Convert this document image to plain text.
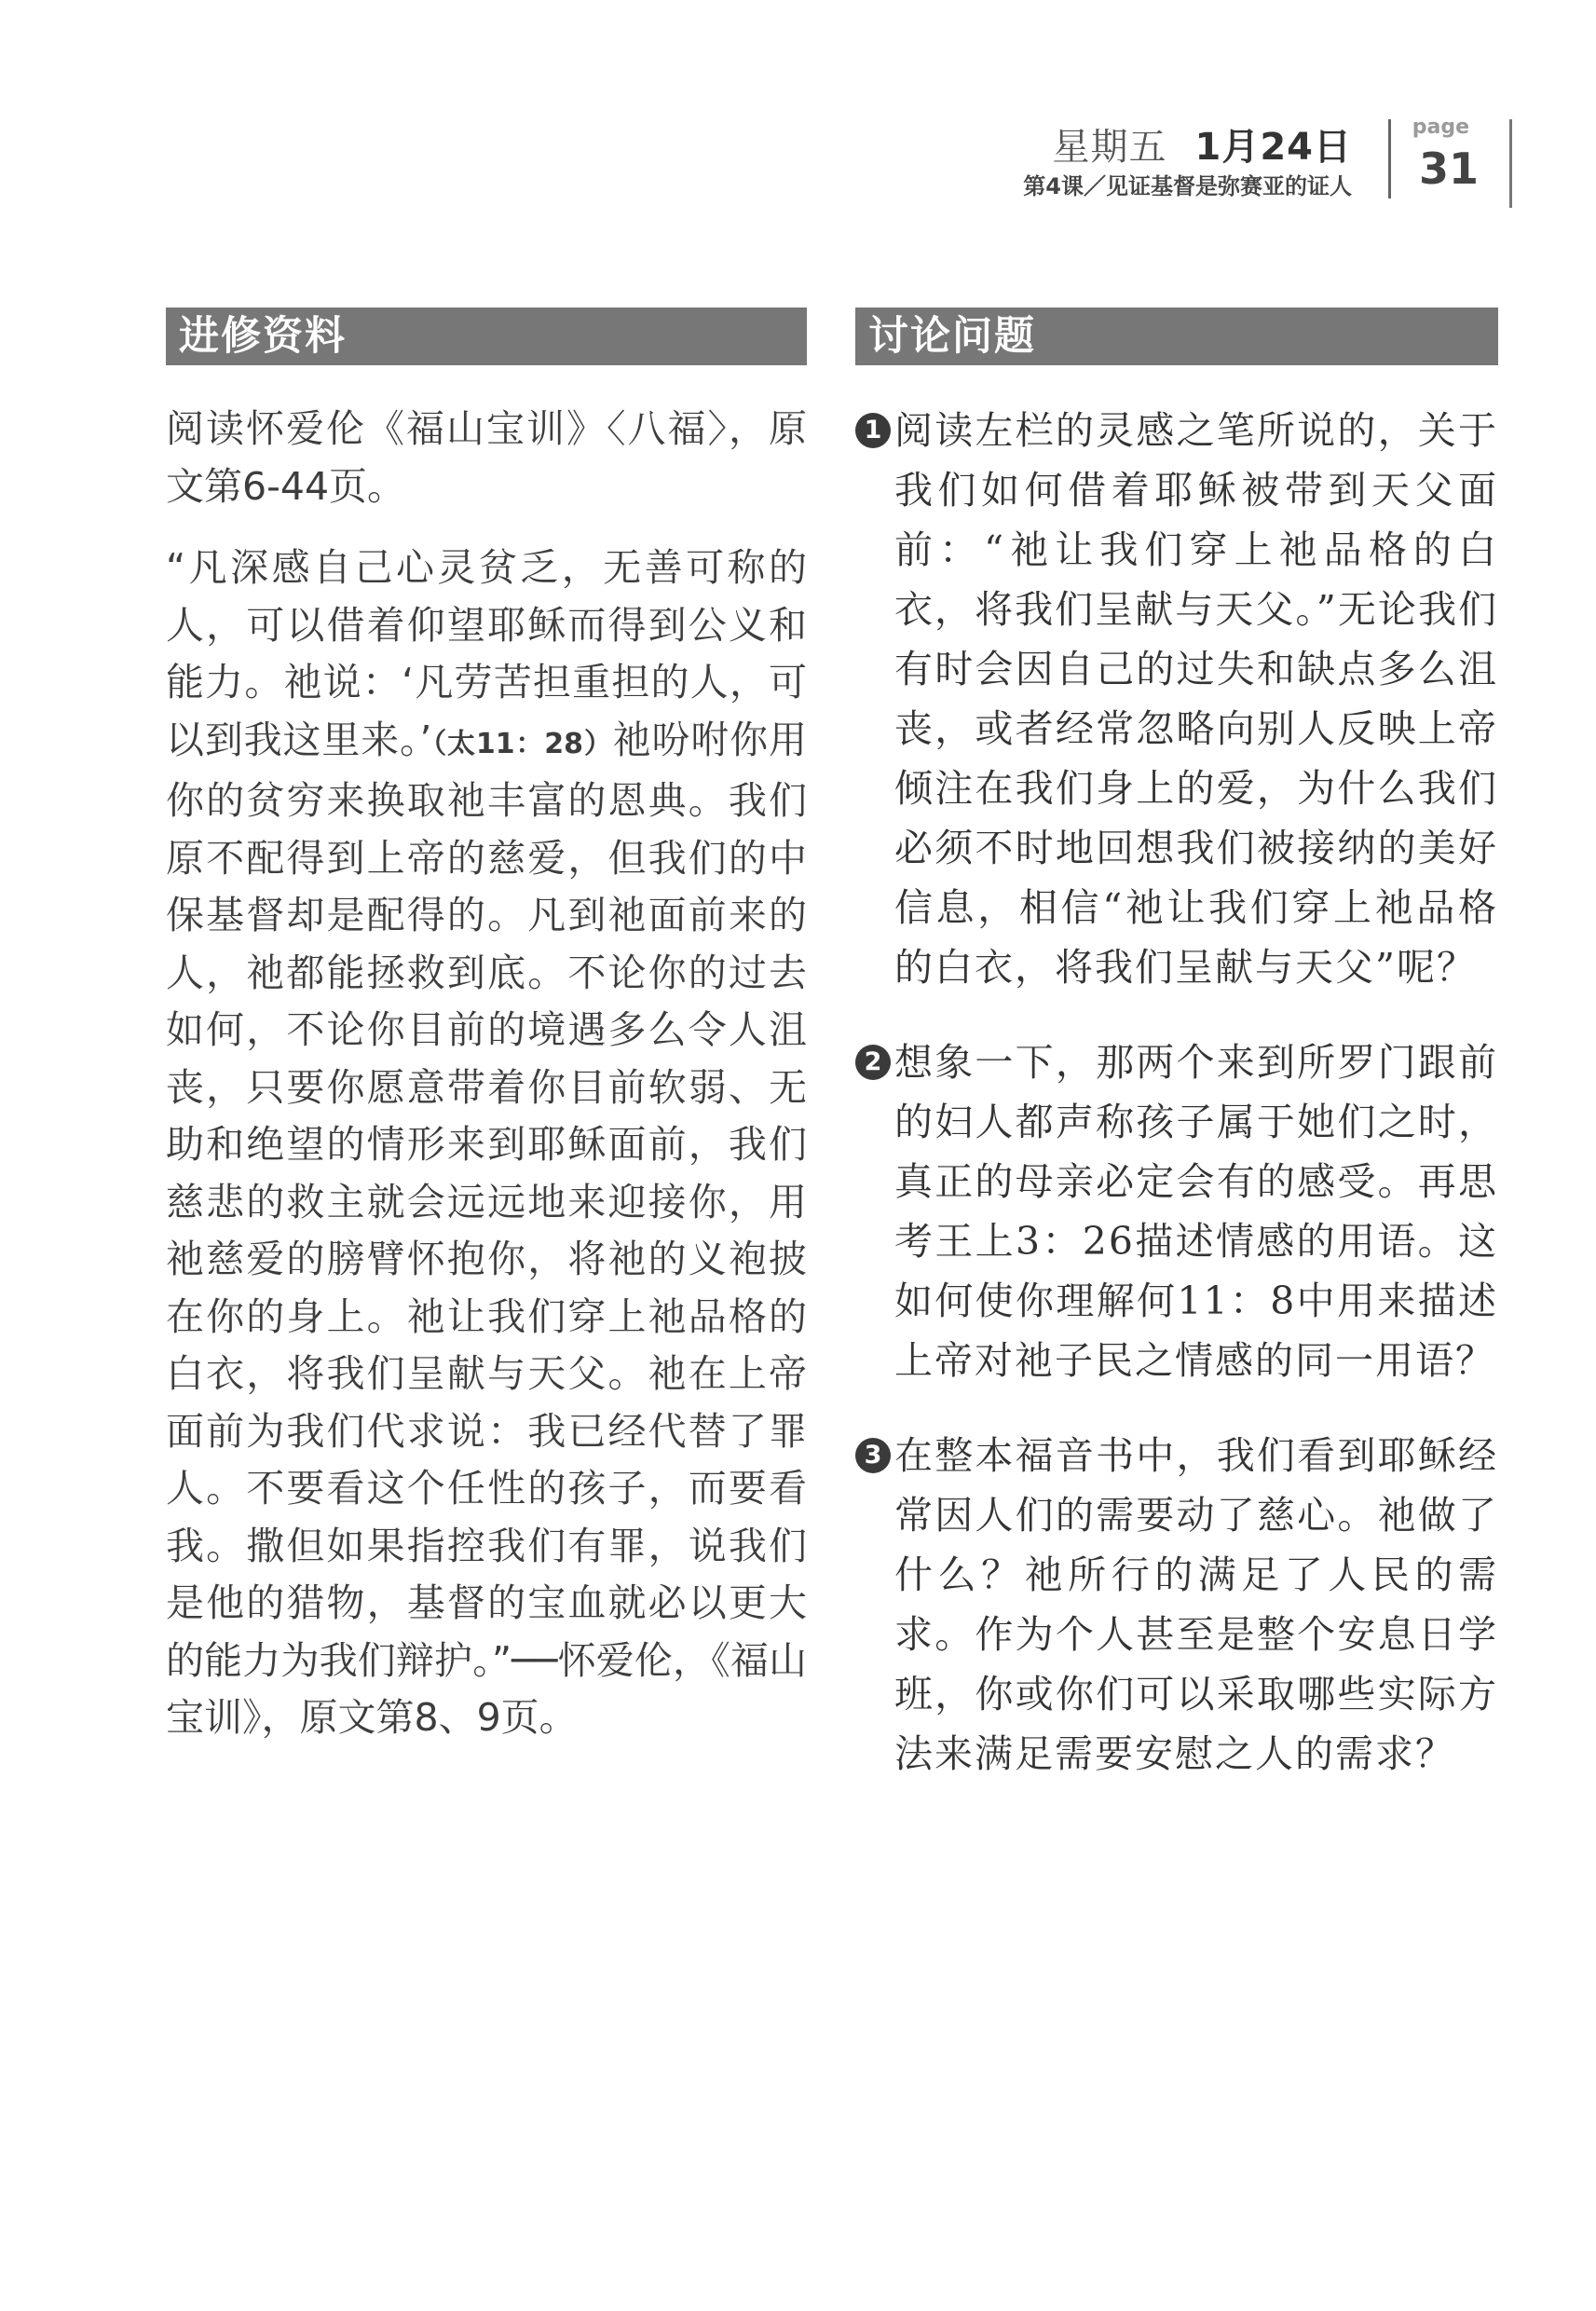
星期五 1月24日
第4课／见证基督是弥赛亚的证人
page
31
进修资料

阅读怀爱伦《福山宝训》〈八福〉，原文第6-44页。

“凡深感自己心灵贫乏，无善可称的人，可以借着仰望耶稣而得到公义和能力。祂说：‘凡劳苦担重担的人，可以到我这里来。’（太11：28）祂吩咐你用你的贫穷来换取祂丰富的恩典。我们原不配得到上帝的慈爱，但我们的中保基督却是配得的。凡到祂面前来的人，祂都能拯救到底。不论你的过去如何，不论你目前的境遇多么令人沮丧，只要你愿意带着你目前软弱、无助和绝望的情形来到耶稣面前，我们慈悲的救主就会远远地来迎接你，用祂慈爱的膀臂怀抱你，将祂的义袍披在你的身上。祂让我们穿上祂品格的白衣，将我们呈献与天父。祂在上帝面前为我们代求说：我已经代替了罪人。不要看这个任性的孩子，而要看我。撒但如果指控我们有罪，说我们是他的猎物，基督的宝血就必以更大的能力为我们辩护。”──怀爱伦，《福山宝训》，原文第8、9页。

讨论问题
1 阅读左栏的灵感之笔所说的，关于我们如何借着耶稣被带到天父面前：“祂让我们穿上祂品格的白衣，将我们呈献与天父。”无论我们有时会因自己的过失和缺点多么沮丧，或者经常忽略向别人反映上帝倾注在我们身上的爱，为什么我们必须不时地回想我们被接纳的美好信息，相信“祂让我们穿上祂品格的白衣，将我们呈献与天父”呢？

2 想象一下，那两个来到所罗门跟前的妇人都声称孩子属于她们之时，真正的母亲必定会有的感受。再思考王上3：26描述情感的用语。这如何使你理解何11：8中用来描述上帝对祂子民之情感的同一用语？

3 在整本福音书中，我们看到耶稣经常因人们的需要动了慈心。祂做了什么？祂所行的满足了人民的需求。作为个人甚至是整个安息日学班，你或你们可以采取哪些实际方法来满足需要安慰之人的需求？
